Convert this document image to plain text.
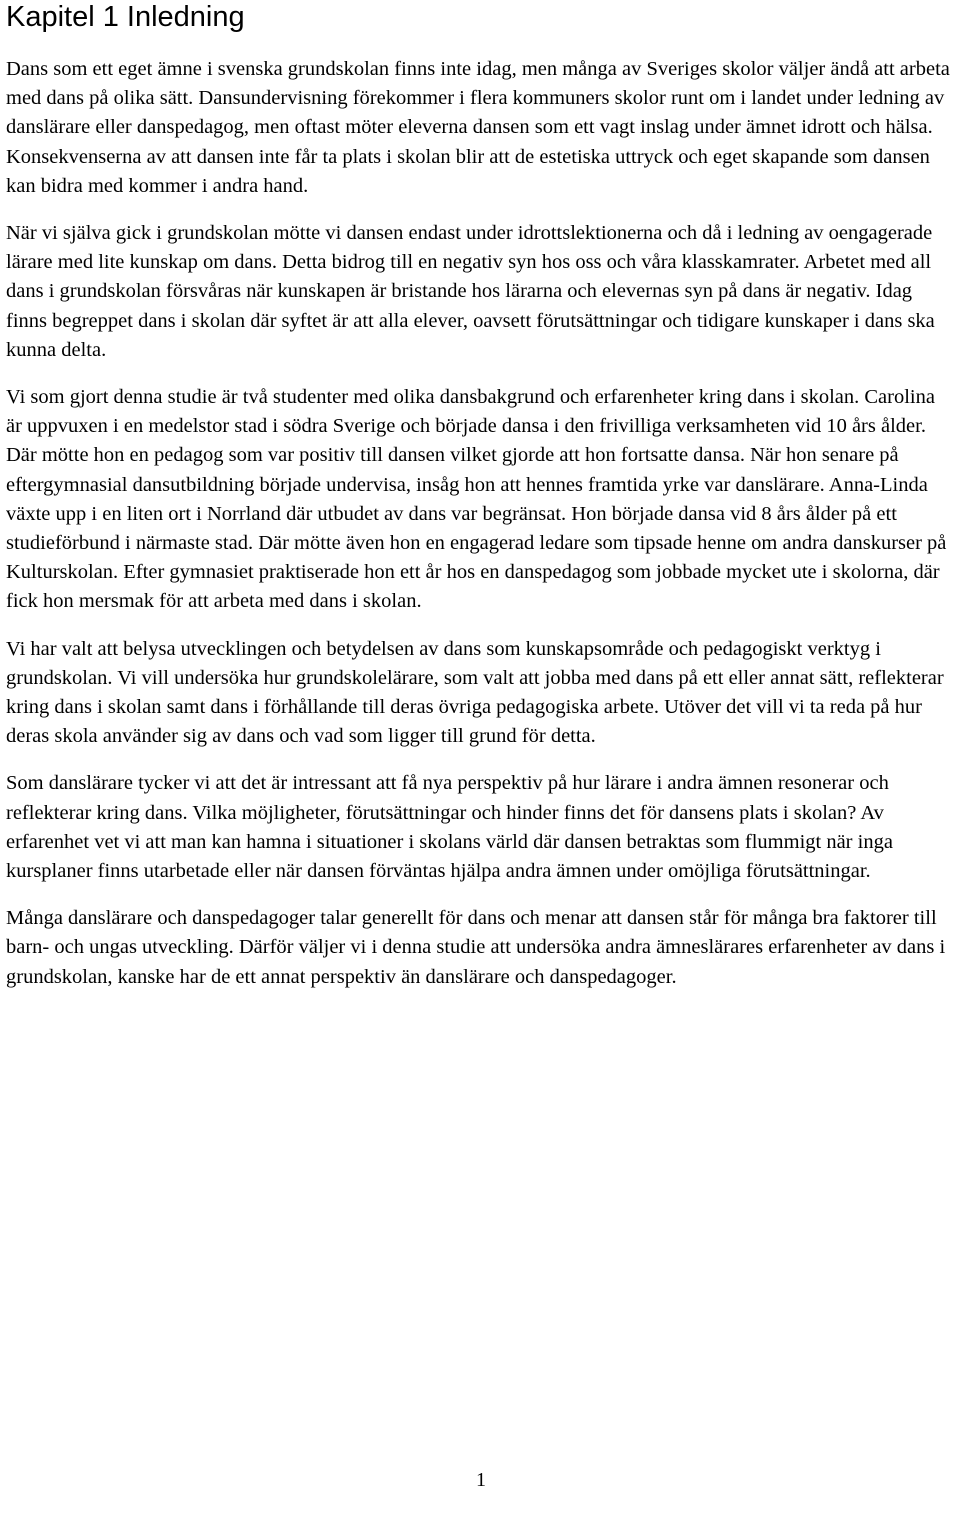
Kapitel 1 Inledning

Dans som ett eget ämne i svenska grundskolan finns inte idag, men många av Sveriges skolor väljer ändå att arbeta med dans på olika sätt. Dansundervisning förekommer i flera kommuners skolor runt om i landet under ledning av danslärare eller danspedagog, men oftast möter eleverna dansen som ett vagt inslag under ämnet idrott och hälsa. Konsekvenserna av att dansen inte får ta plats i skolan blir att de estetiska uttryck och eget skapande som dansen kan bidra med kommer i andra hand.

När vi själva gick i grundskolan mötte vi dansen endast under idrottslektionerna och då i ledning av oengagerade lärare med lite kunskap om dans. Detta bidrog till en negativ syn hos oss och våra klasskamrater. Arbetet med all dans i grundskolan försvåras när kunskapen är bristande hos lärarna och elevernas syn på dans är negativ. Idag finns begreppet dans i skolan där syftet är att alla elever, oavsett förutsättningar och tidigare kunskaper i dans ska kunna delta.

Vi som gjort denna studie är två studenter med olika dansbakgrund och erfarenheter kring dans i skolan. Carolina är uppvuxen i en medelstor stad i södra Sverige och började dansa i den frivilliga verksamheten vid 10 års ålder. Där mötte hon en pedagog som var positiv till dansen vilket gjorde att hon fortsatte dansa. När hon senare på eftergymnasial dansutbildning började undervisa, insåg hon att hennes framtida yrke var danslärare. Anna-Linda växte upp i en liten ort i Norrland där utbudet av dans var begränsat. Hon började dansa vid 8 års ålder på ett studieförbund i närmaste stad. Där mötte även hon en engagerad ledare som tipsade henne om andra danskurser på Kulturskolan. Efter gymnasiet praktiserade hon ett år hos en danspedagog som jobbade mycket ute i skolorna, där fick hon mersmak för att arbeta med dans i skolan.

Vi har valt att belysa utvecklingen och betydelsen av dans som kunskapsområde och pedagogiskt verktyg i grundskolan. Vi vill undersöka hur grundskolelärare, som valt att jobba med dans på ett eller annat sätt, reflekterar kring dans i skolan samt dans i förhållande till deras övriga pedagogiska arbete. Utöver det vill vi ta reda på hur deras skola använder sig av dans och vad som ligger till grund för detta.

Som danslärare tycker vi att det är intressant att få nya perspektiv på hur lärare i andra ämnen resonerar och reflekterar kring dans. Vilka möjligheter, förutsättningar och hinder finns det för dansens plats i skolan? Av erfarenhet vet vi att man kan hamna i situationer i skolans värld där dansen betraktas som flummigt när inga kursplaner finns utarbetade eller när dansen förväntas hjälpa andra ämnen under omöjliga förutsättningar.

Många danslärare och danspedagoger talar generellt för dans och menar att dansen står för många bra faktorer till barn- och ungas utveckling. Därför väljer vi i denna studie att undersöka andra ämneslärares erfarenheter av dans i grundskolan, kanske har de ett annat perspektiv än danslärare och danspedagoger.

1
